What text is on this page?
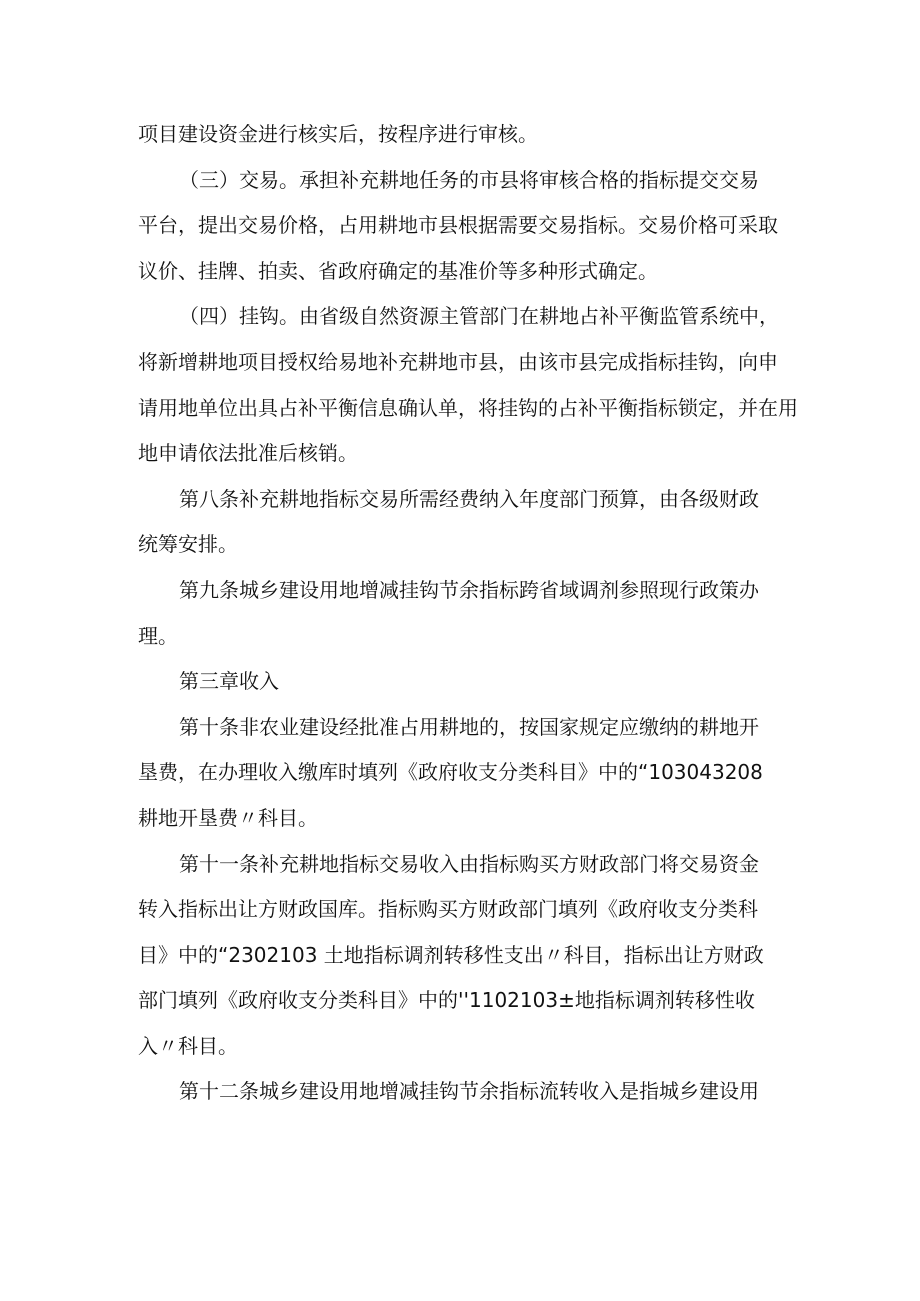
项目建设资金进行核实后，按程序进行审核。
（三）交易。承担补充耕地任务的市县将审核合格的指标提交交易
平台，提出交易价格，占用耕地市县根据需要交易指标。交易价格可采取
议价、挂牌、拍卖、省政府确定的基准价等多种形式确定。
（四）挂钩。由省级自然资源主管部门在耕地占补平衡监管系统中，
将新增耕地项目授权给易地补充耕地市县，由该市县完成指标挂钩，向申
请用地单位出具占补平衡信息确认单，将挂钩的占补平衡指标锁定，并在用
地申请依法批准后核销。
第八条补充耕地指标交易所需经费纳入年度部门预算，由各级财政
统筹安排。
第九条城乡建设用地增减挂钩节余指标跨省域调剂参照现行政策办
理。
第三章收入
第十条非农业建设经批准占用耕地的，按国家规定应缴纳的耕地开
垦费，在办理收入缴库时填列《政府收支分类科目》中的“103043208
耕地开垦费〃科目。
第十一条补充耕地指标交易收入由指标购买方财政部门将交易资金
转入指标出让方财政国库。指标购买方财政部门填列《政府收支分类科
目》中的“2302103 土地指标调剂转移性支出〃科目，指标出让方财政
部门填列《政府收支分类科目》中的''1102103±地指标调剂转移性收
入〃科目。
第十二条城乡建设用地增减挂钩节余指标流转收入是指城乡建设用
